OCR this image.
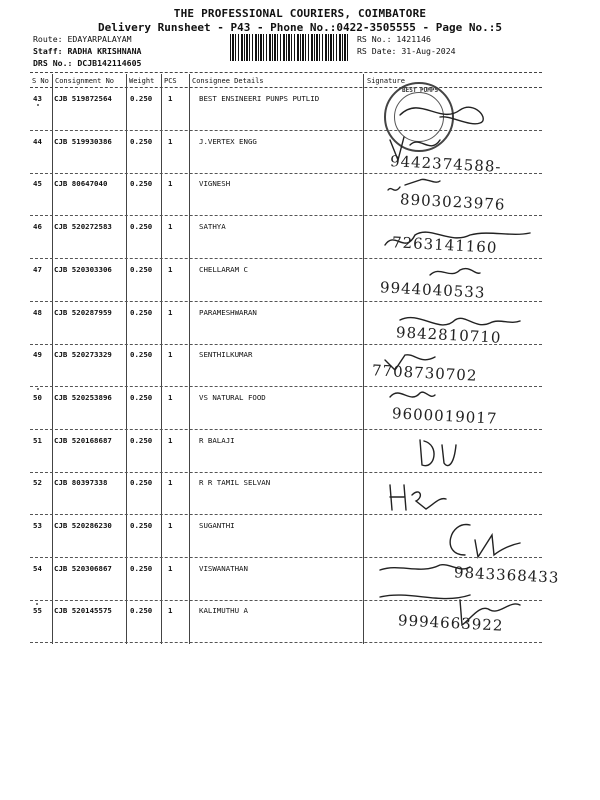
THE PROFESSIONAL COURIERS, COIMBATORE
Delivery Runsheet - P43 - Phone No.:0422-3505555 - Page No.:5
Route: EDAYARPALAYAM
Staff: RADHA KRISHNANA
DRS No.: DCJB142114605
RS No.: 1421146
RS Date: 31-Aug-2024
S No Consignment No Weight PCS Consignee Details	Signature
43 CJB 519872564 0.250 1	BEST ENSINEERI PUNPS PUTLID
44 CJB 519930386 0.250 1	J.VERTEX ENGG
45 CJB 80647040	0.250 1	VIGNESH
46 CJB 520272583 0.250 1	SATHYA
47 CJB 520303306 0.250 1	CHELLARAM C
48 CJB 520287959 0.250 1	PARAMESHWARAN
49 CJB 520273329 0.250 1	SENTHILKUMAR
50 CJB 520253896 0.250 1	VS NATURAL FOOD
51 CJB 520168687 0.250 1	R BALAJI
52 CJB 80397338	0.250 1	R R TAMIL SELVAN
53 CJB 520286230 0.250 1	SUGANTHI
54 CJB 520306867 0.250 1	VISWANATHAN
55 CJB 520145575 0.250 1	KALIMUTHU A
BEST PUMPS
9442374588-
8903023976
7263141160
9944040533
9842810710
7708730702
9600019017
9843368433
9994663922
